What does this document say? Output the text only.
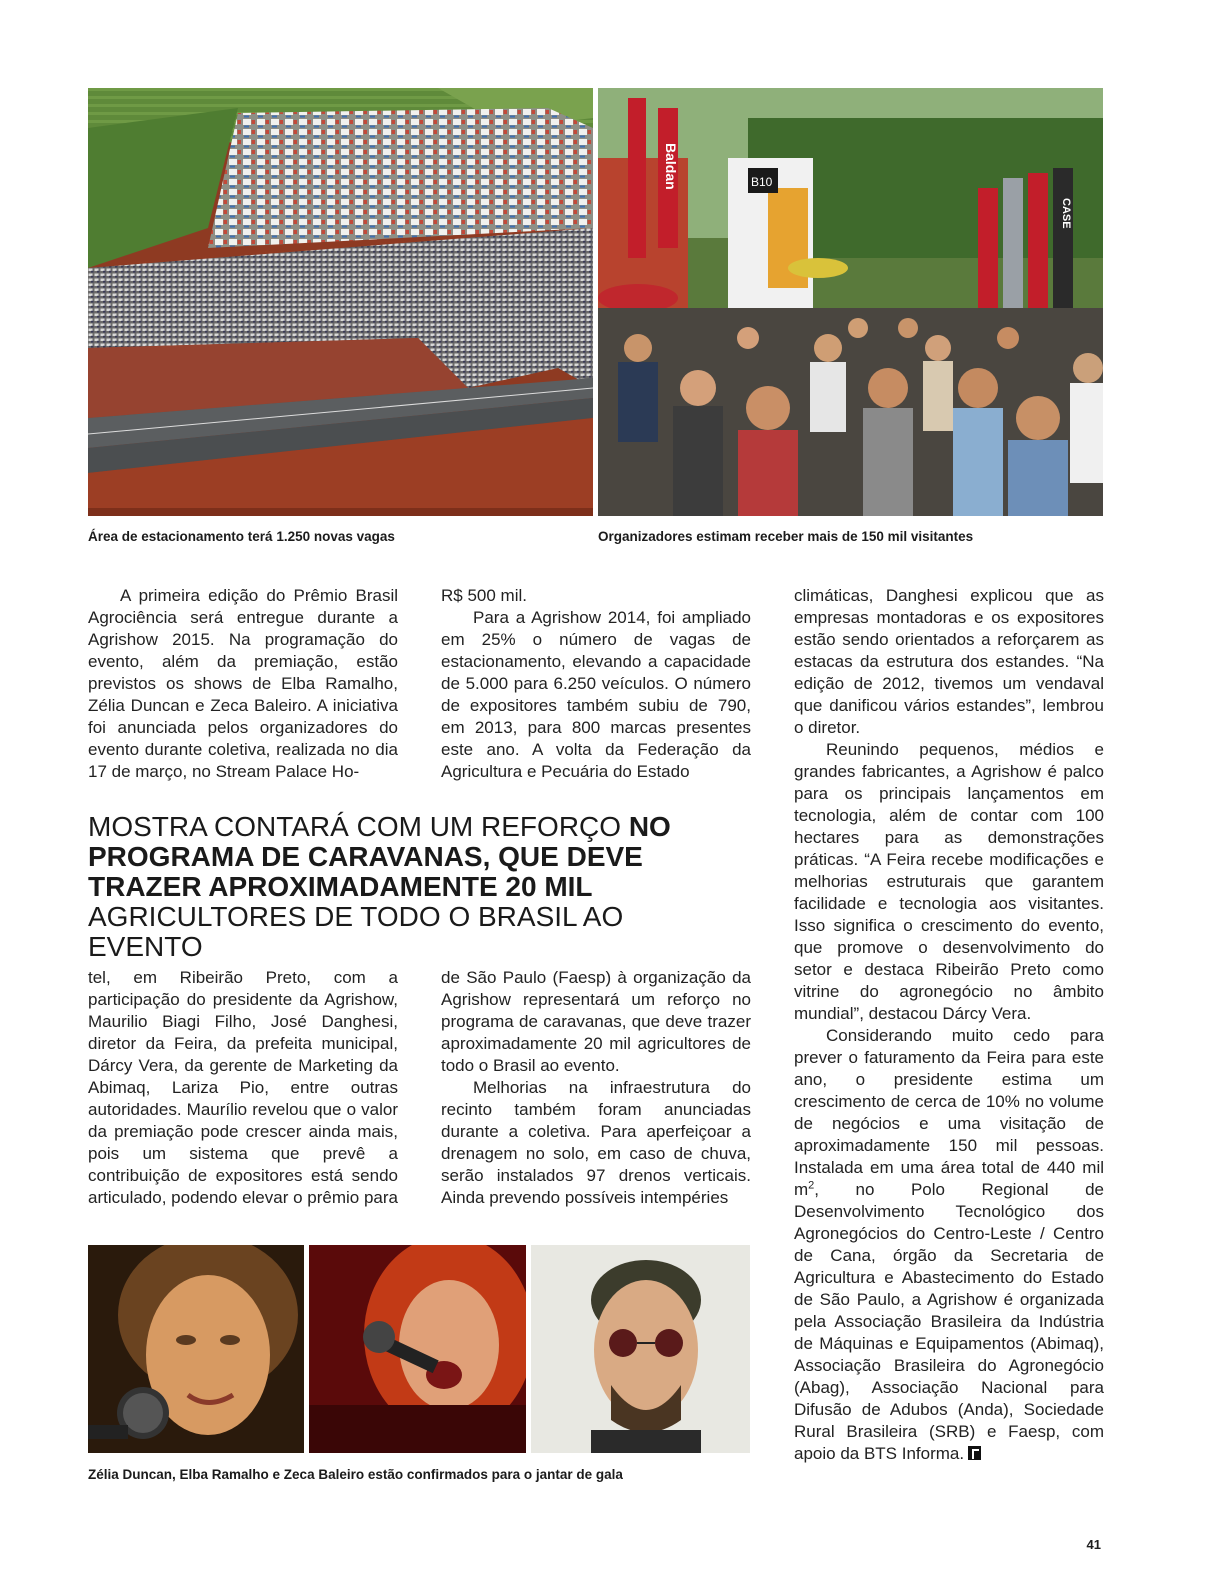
Área de estacionamento terá 1.250 novas vagas
Baldan	B10
CASE
Organizadores estimam receber mais de 150 mil visitantes

A primeira edição do Prêmio Brasil Agrociência será entregue durante a Agrishow 2015. Na programação do evento, além da premiação, estão previstos os shows de Elba Ramalho, Zélia Duncan e Zeca Baleiro. A iniciativa foi anunciada pelos organizadores do evento durante coletiva, realizada no dia 17 de março, no Stream Palace Ho-

R$ 500 mil.

Para a Agrishow 2014, foi ampliado em 25% o número de vagas de estacionamento, elevando a capacidade de 5.000 para 6.250 veículos. O número de expositores também subiu de 790, em 2013, para 800 marcas presentes este ano. A volta da Federação da Agricultura e Pecuária do Estado

MOSTRA CONTARÁ COM UM REFORÇO NO PROGRAMA DE CARAVANAS, QUE DEVE TRAZER APROXIMADAMENTE 20 MIL AGRICULTORES DE TODO O BRASIL AO EVENTO

tel, em Ribeirão Preto, com a participação do presidente da Agrishow, Maurilio Biagi Filho, José Danghesi, diretor da Feira, da prefeita municipal, Dárcy Vera, da gerente de Marketing da Abimaq, Lariza Pio, entre outras autoridades. Maurílio revelou que o valor da premiação pode crescer ainda mais, pois um sistema que prevê a contribuição de expositores está sendo articulado, podendo elevar o prêmio para

de São Paulo (Faesp) à organização da Agrishow representará um reforço no programa de caravanas, que deve trazer aproximadamente 20 mil agricultores de todo o Brasil ao evento.

Melhorias na infraestrutura do recinto também foram anunciadas durante a coletiva. Para aperfeiçoar a drenagem no solo, em caso de chuva, serão instalados 97 drenos verticais. Ainda prevendo possíveis intempéries

climáticas, Danghesi explicou que as empresas montadoras e os expositores estão sendo orientados a reforçarem as estacas da estrutura dos estandes. “Na edição de 2012, tivemos um vendaval que danificou vários estandes”, lembrou o diretor.

Reunindo pequenos, médios e grandes fabricantes, a Agrishow é palco para os principais lançamentos em tecnologia, além de contar com 100 hectares para as demonstrações práticas. “A Feira recebe modificações e melhorias estruturais que garantem facilidade e tecnologia aos visitantes. Isso significa o crescimento do evento, que promove o desenvolvimento do setor e destaca Ribeirão Preto como vitrine do agronegócio no âmbito mundial”, destacou Dárcy Vera.

Considerando muito cedo para prever o faturamento da Feira para este ano, o presidente estima um crescimento de cerca de 10% no volume de negócios e uma visitação de aproximadamente 150 mil pessoas. Instalada em uma área total de 440 mil $m^2$, no Polo Regional de Desenvolvimento Tecnológico dos Agronegócios do Centro-Leste / Centro de Cana, órgão da Secretaria de Agricultura e Abastecimento do Estado de São Paulo, a Agrishow é organizada pela Associação Brasileira da Indústria de Máquinas e Equipamentos (Abimaq), Associação Brasileira do Agronegócio (Abag), Associação Nacional para Difusão de Adubos (Anda), Sociedade Rural Brasileira (SRB) e Faesp, com apoio da BTS Informa.

Zélia Duncan, Elba Ramalho e Zeca Baleiro estão confirmados para o jantar de gala
41
